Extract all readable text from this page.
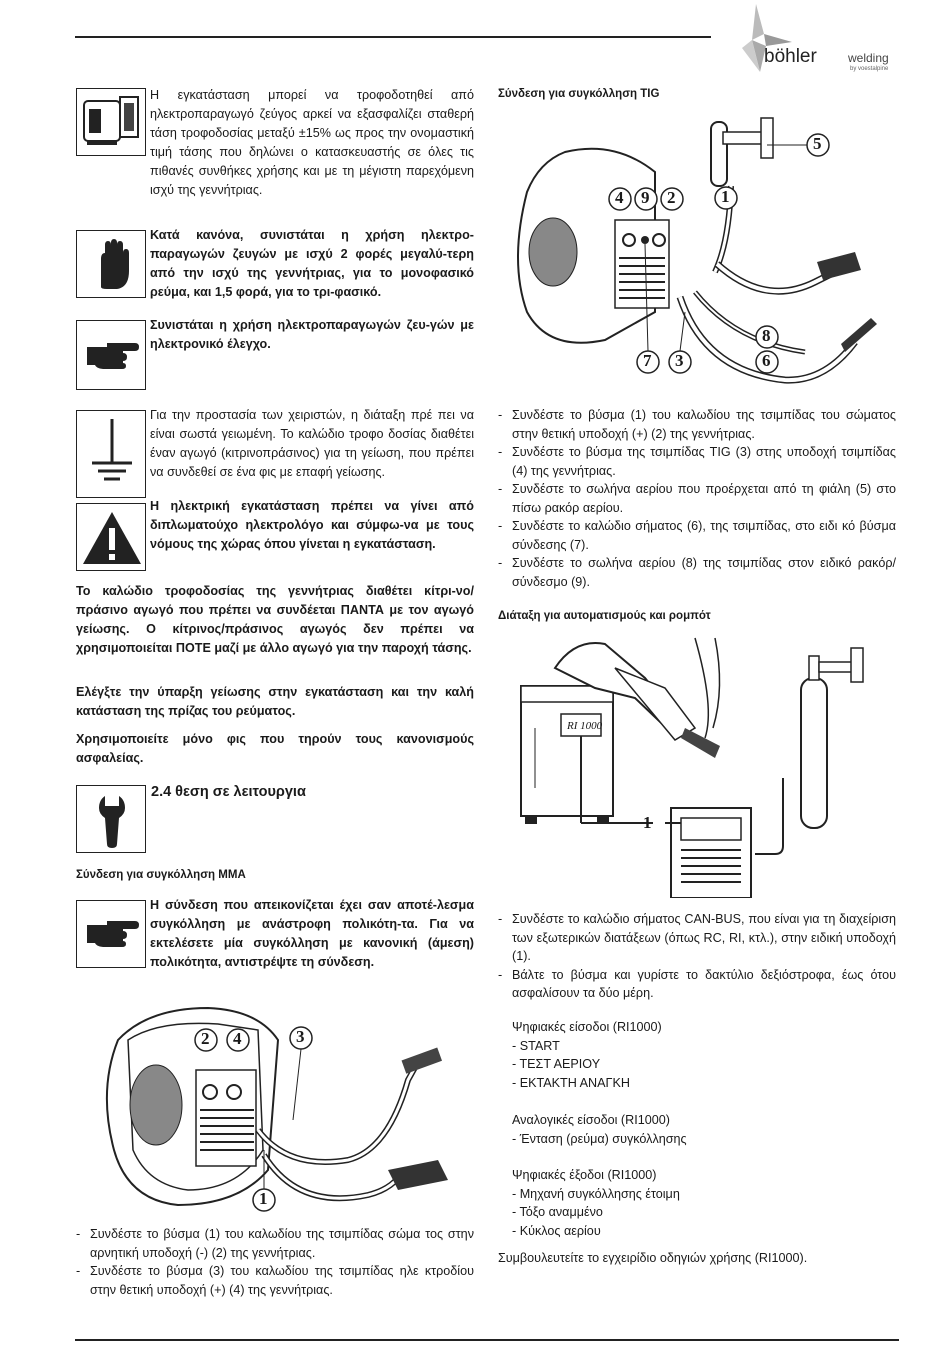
böhler	welding
by voestalpine

Η εγκατάσταση μπορεί να τροφοδοτηθεί από ηλεκτροπαραγωγό ζεύγος αρκεί να εξασφαλίζει σταθερή τάση τροφοδοσίας μεταξύ ±15% ως προς την ονομαστική τιμή τάσης που δηλώνει ο κατασκευαστής σε όλες τις πιθανές συνθήκες χρήσης και με τη μέγιστη παρεχόμενη ισχύ της γεννήτριας.

Κατά κανόνα, συνιστάται η χρήση ηλεκτρο-παραγωγών ζευγών με ισχύ 2 φορές μεγαλύ-τερη από την ισχύ της γεννήτριας, για το μονοφασικό ρεύμα, και 1,5 φορά, για το τρι-φασικό.

Συνιστάται η χρήση ηλεκτροπαραγωγών ζευ-γών με ηλεκτρονικό έλεγχο.

Για την προστασία των χειριστών, η διάταξη πρέ πει να είναι σωστά γειωμένη. Το καλώδιο τροφο δοσίας διαθέτει έναν αγωγό (κιτρινοπράσινος) για τη γείωση, που πρέπει να συνδεθεί σε ένα φις με επαφή γείωσης.

Η ηλεκτρική εγκατάσταση πρέπει να γίνει από διπλωματούχο ηλεκτρολόγο και σύμφω-να με τους νόμους της χώρας όπου γίνεται η εγκατάσταση.

Το καλώδιο τροφοδοσίας της γεννήτριας διαθέτει κίτρι-νο/πράσινο αγωγό που πρέπει να συνδέεται ΠΑΝΤΑ με τον αγωγό γείωσης. Ο κίτρινος/πράσινος αγωγός δεν πρέπει να χρησιμοποιείται ΠΟΤΕ μαζί με άλλο αγωγό για την παροχή τάσης.

Ελέγξτε την ύπαρξη γείωσης στην εγκατάσταση και την καλή κατάσταση της πρίζας του ρεύματος.

Χρησιμοποιείτε μόνο φις που τηρούν τους κανονισμούς ασφαλείας.

2.4 θεση σε λειτουργια
Σύνδεση για συγκόλληση MMA

Η σύνδεση που απεικονίζεται έχει σαν αποτέ-λεσμα συγκόλληση με ανάστροφη πολικότη-τα. Για να εκτελέσετε μία συγκόλληση με κανονική (άμεση) πολικότητα, αντιστρέψτε τη σύνδεση.

2 4	3
1
- Συνδέστε το βύσμα (1) του καλωδίου της τσιμπίδας σώμα τος στην αρνητική υποδοχή (-) (2) της γεννήτριας.
- Συνδέστε το βύσμα (3) του καλωδίου της τσιμπίδας ηλε κτροδίου στην θετική υποδοχή (+) (4) της γεννήτριας.
Σύνδεση για συγκόλληση TIG
4 9 2	1
5
8
6
7 3
- Συνδέστε το βύσμα (1) του καλωδίου της τσιμπίδας του σώματος στην θετική υποδοχή (+) (2) της γεννήτριας.
- Συνδέστε το βύσμα της τσιμπίδας TIG (3) στης υποδοχή τσιμπίδας (4) της γεννήτριας.
- Συνδέστε το σωλήνα αερίου που προέρχεται από τη φιάλη (5) στο πίσω ρακόρ αερίου.
- Συνδέστε το καλώδιο σήματος (6), της τσιμπίδας, στο ειδι κό βύσμα σύνδεσης (7).
- Συνδέστε το σωλήνα αερίου (8) της τσιμπίδας στον ειδικό ρακόρ/σύνδεσμο (9).
Διάταξη για αυτοματισμούς και ρομπότ
RI 1000
1
- Συνδέστε το καλώδιο σήματος CAN-BUS, που είναι για τη διαχείριση των εξωτερικών διατάξεων (όπως RC, RI, κτλ.), στην ειδική υποδοχή (1).
- Βάλτε το βύσμα και γυρίστε το δακτύλιο δεξιόστροφα, έως ότου ασφαλίσουν τα δύο μέρη.
Ψηφιακές είσοδοι (RI1000)
- START
- ΤΕΣΤ ΑΕΡΙΟΥ
- ΕΚΤΑΚΤΗ ΑΝΑΓΚΗ
Αναλογικές είσοδοι (RI1000)
- Ένταση (ρεύμα) συγκόλλησης
Ψηφιακές έξοδοι (RI1000)
- Μηχανή συγκόλλησης έτοιμη
- Τόξο αναμμένο
- Κύκλος αερίου

Συμβουλευτείτε το εγχειρίδιο οδηγιών χρήσης (RI1000).
